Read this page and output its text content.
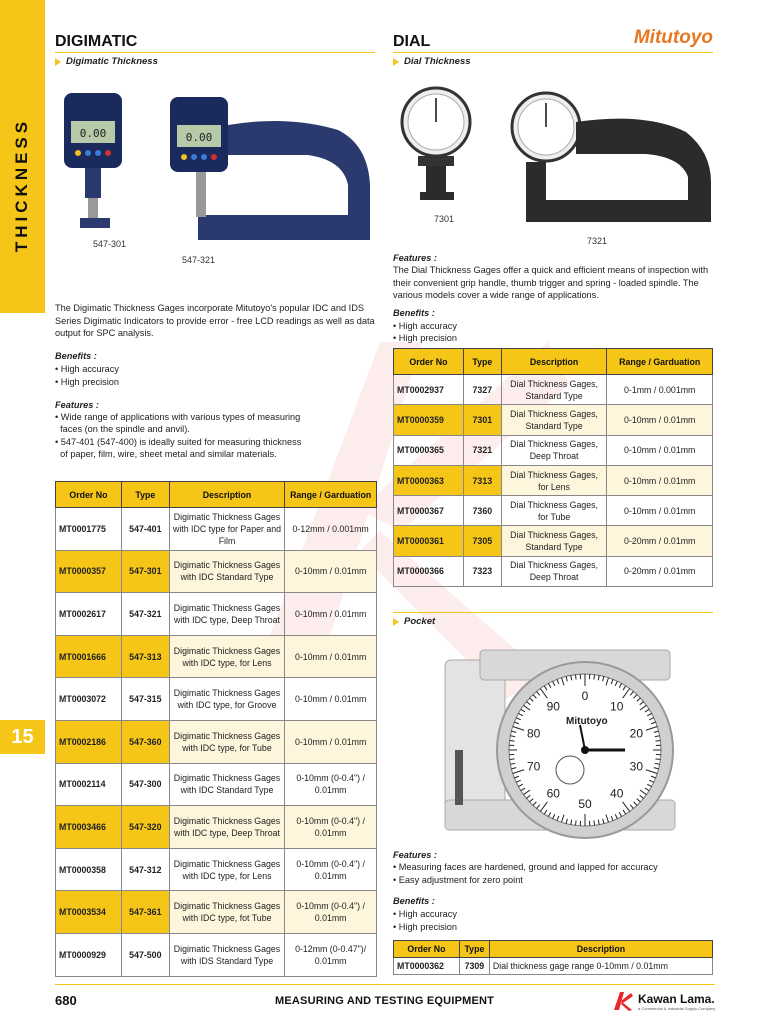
THICKNESS
15
Mitutoyo
DIGIMATIC
Digimatic Thickness
0.00	0.00
547-301
547-321
The Digimatic Thickness Gages incorporate Mitutoyo's popular IDC and IDS Series Digimatic Indicators to provide error - free LCD readings as well as data output for SPC analysis.
Benefits :
• High accuracy
• High precision
Features :
• Wide range of applications with various types of measuring
faces (on the spindle and anvil).
• 547-401 (547-400) is ideally suited for measuring thickness
of paper, film, wire, sheet metal and similar materials.
Order No	Type	Description	Range / Garduation
MT0001775	547-401	Digimatic Thickness Gages with IDC type for Paper and Film	0-12mm / 0.001mm
MT0000357	547-301	Digimatic Thickness Gages with IDC Standard Type	0-10mm / 0.01mm
MT0002617	547-321	Digimatic Thickness Gages with IDC type, Deep Throat	0-10mm / 0.01mm
MT0001666	547-313	Digimatic Thickness Gages with IDC type, for Lens	0-10mm / 0.01mm
MT0003072	547-315	Digimatic Thickness Gages with IDC type, for Groove	0-10mm / 0.01mm
MT0002186	547-360	Digimatic Thickness Gages with IDC type, for Tube	0-10mm / 0.01mm
MT0002114	547-300	Digimatic Thickness Gages with IDC Standard Type	0-10mm (0-0.4") / 0.01mm
MT0003466	547-320	Digimatic Thickness Gages with IDC type, Deep Throat	0-10mm (0-0.4") / 0.01mm
MT0000358	547-312	Digimatic Thickness Gages with IDC type, for Lens	0-10mm (0-0.4") / 0.01mm
MT0003534	547-361	Digimatic Thickness Gages with IDC type, fot Tube	0-10mm (0-0.4") / 0.01mm
MT0000929	547-500	Digimatic Thickness Gages with IDS Standard Type	0-12mm (0-0.47")/ 0.01mm
DIAL
Dial Thickness
7301
7321
Features :
The Dial Thickness Gages offer a quick and efficient means of inspection with their convenient grip handle, thumb trigger and spring - loaded spindle. The various models cover a wide range of applications.
Benefits :
• High accuracy
• High precision
Order No	Type	Description	Range / Garduation
MT0002937	7327	Dial Thickness Gages, Standard Type	0-1mm / 0.001mm
MT0000359	7301	Dial Thickness Gages, Standard Type	0-10mm / 0.01mm
MT0000365	7321	Dial Thickness Gages, Deep Throat	0-10mm / 0.01mm
MT0000363	7313	Dial Thickness Gages, for Lens	0-10mm / 0.01mm
MT0000367	7360	Dial Thickness Gages, for Tube	0-10mm / 0.01mm
MT0000361	7305	Dial Thickness Gages, Standard Type	0-20mm / 0.01mm
MT0000366	7323	Dial Thickness Gages, Deep Throat	0-20mm / 0.01mm
Pocket
0
10
20
30
40
50
60
70
80
90
Mitutoyo
Features :
• Measuring faces are hardened, ground and lapped for accuracy
• Easy adjustment for zero point
Benefits :
• High accuracy
• High precision
Order No	Type	Description
MT0000362	7309	Dial thickness gage range 0-10mm / 0.01mm
680	MEASURING AND TESTING EQUIPMENT	Kawan Lama.
a Commercial & Industrial Supply Company
